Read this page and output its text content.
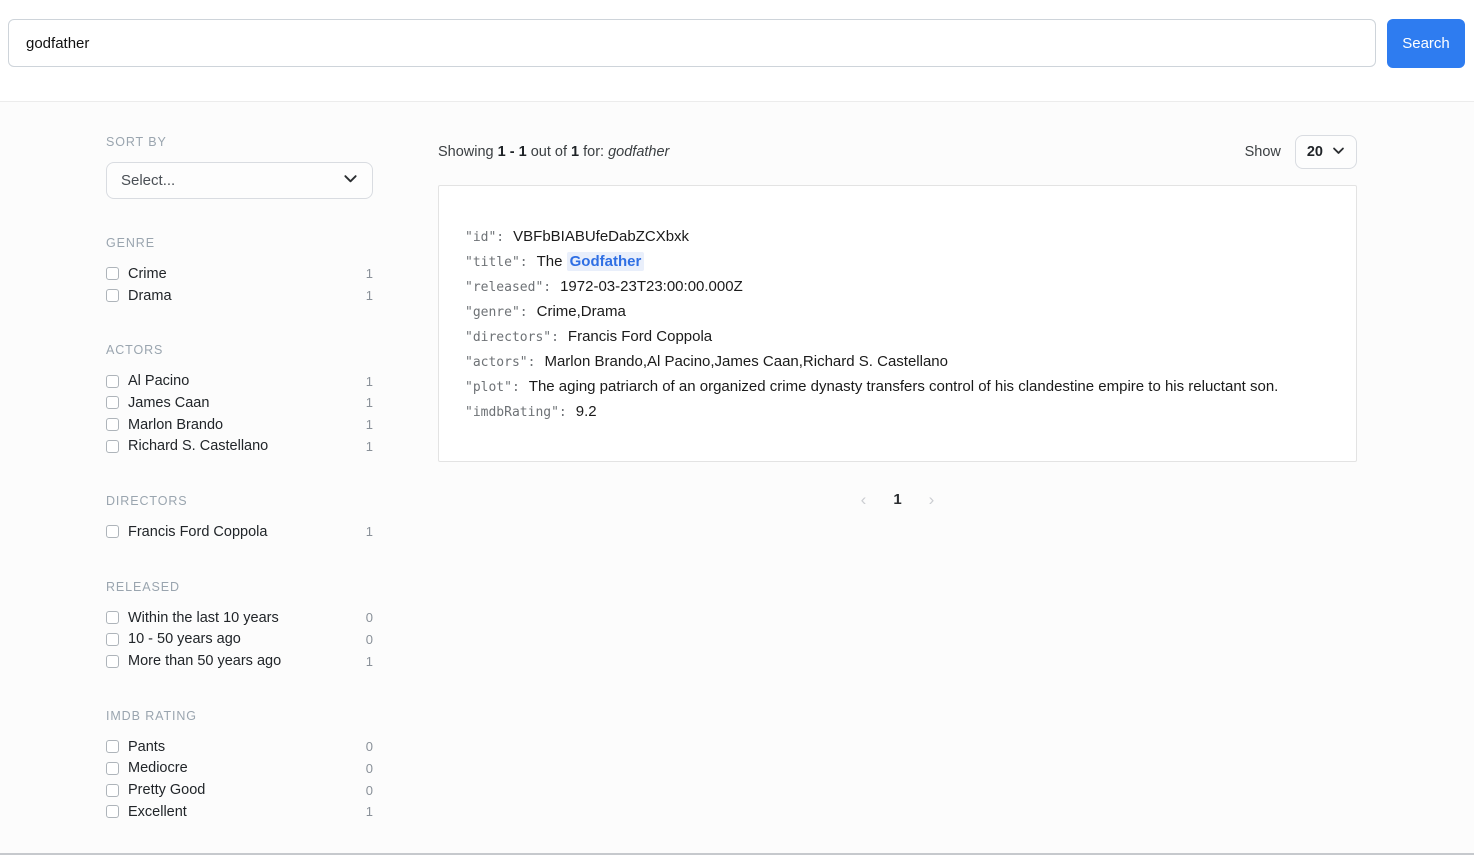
godfather
Search
SORT BY
Select...
GENRE
Crime	1
Drama	1
ACTORS
Al Pacino	1
James Caan	1
Marlon Brando	1
Richard S. Castellano	1
DIRECTORS
Francis Ford Coppola	1
RELEASED
Within the last 10 years	0
10 - 50 years ago	0
More than 50 years ago	1
IMDB RATING
Pants	0
Mediocre	0
Pretty Good	0
Excellent	1
Showing 1 - 1 out of 1 for: godfather	Show 20
"id": VBFbBIABUfeDabZCXbxk
"title": The Godfather
"released": 1972-03-23T23:00:00.000Z
"genre": Crime,Drama
"directors": Francis Ford Coppola
"actors": Marlon Brando,Al Pacino,James Caan,Richard S. Castellano
"plot": The aging patriarch of an organized crime dynasty transfers control of his clandestine empire to his reluctant son.
"imdbRating": 9.2
‹ 1 ›
